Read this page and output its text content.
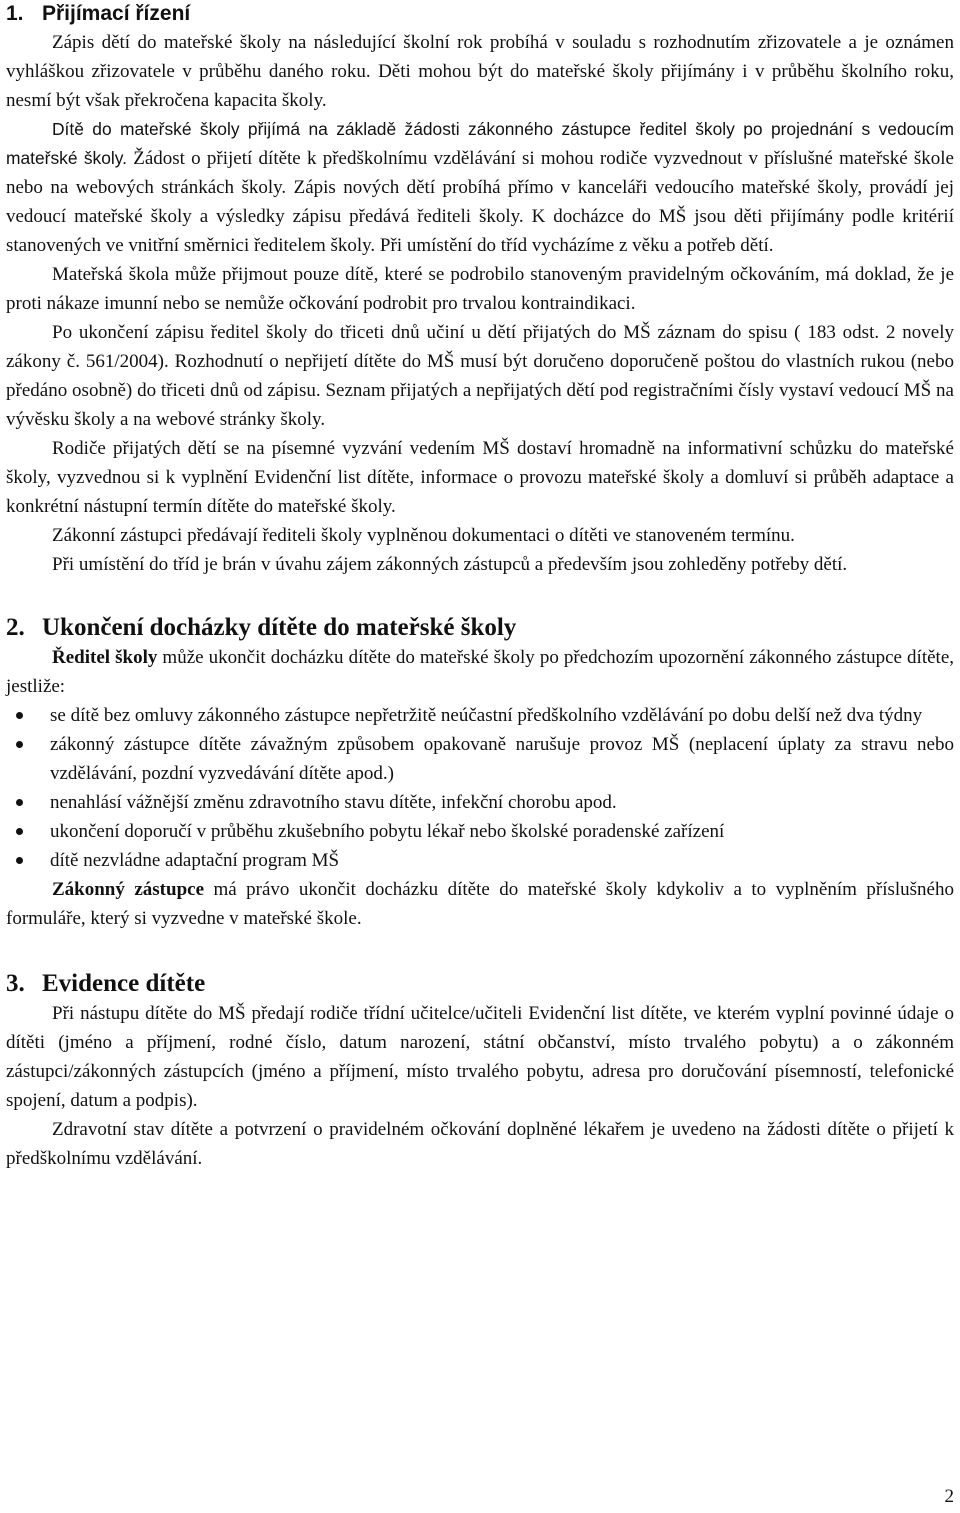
1. Přijímací řízení

Zápis dětí do mateřské školy na následující školní rok probíhá v souladu s rozhodnutím zřizovatele a je oznámen vyhláškou zřizovatele v průběhu daného roku. Děti mohou být do mateřské školy přijímány i v průběhu školního roku, nesmí být však překročena kapacita školy.

Dítě do mateřské školy přijímá na základě žádosti zákonného zástupce ředitel školy po projednání s vedoucím mateřské školy. Žádost o přijetí dítěte k předškolnímu vzdělávání si mohou rodiče vyzvednout v příslušné mateřské škole nebo na webových stránkách školy. Zápis nových dětí probíhá přímo v kanceláři vedoucího mateřské školy, provádí jej vedoucí mateřské školy a výsledky zápisu předává řediteli školy. K docházce do MŠ jsou děti přijímány podle kritérií stanovených ve vnitřní směrnici ředitelem školy. Při umístění do tříd vycházíme z věku a potřeb dětí.

Mateřská škola může přijmout pouze dítě, které se podrobilo stanoveným pravidelným očkováním, má doklad, že je proti nákaze imunní nebo se nemůže očkování podrobit pro trvalou kontraindikaci.

Po ukončení zápisu ředitel školy do třiceti dnů učiní u dětí přijatých do MŠ záznam do spisu ( 183 odst. 2 novely zákony č. 561/2004). Rozhodnutí o nepřijetí dítěte do MŠ musí být doručeno doporučeně poštou do vlastních rukou (nebo předáno osobně) do třiceti dnů od zápisu. Seznam přijatých a nepřijatých dětí pod registračními čísly vystaví vedoucí MŠ na vývěsku školy a na webové stránky školy.

Rodiče přijatých dětí se na písemné vyzvání vedením MŠ dostaví hromadně na informativní schůzku do mateřské školy, vyzvednou si k vyplnění Evidenční list dítěte, informace o provozu mateřské školy a domluví si průběh adaptace a konkrétní nástupní termín dítěte do mateřské školy.

Zákonní zástupci předávají řediteli školy vyplněnou dokumentaci o dítěti ve stanoveném termínu.

Při umístění do tříd je brán v úvahu zájem zákonných zástupců a především jsou zohleděny potřeby dětí.

2. Ukončení docházky dítěte do mateřské školy

Ředitel školy může ukončit docházku dítěte do mateřské školy po předchozím upozornění zákonného zástupce dítěte, jestliže:

se dítě bez omluvy zákonného zástupce nepřetržitě neúčastní předškolního vzdělávání po dobu delší než dva týdny
zákonný zástupce dítěte závažným způsobem opakovaně narušuje provoz MŠ (neplacení úplaty za stravu nebo vzdělávání, pozdní vyzvedávání dítěte apod.)
nenahlásí vážnější změnu zdravotního stavu dítěte, infekční chorobu apod.
ukončení doporučí v průběhu zkušebního pobytu lékař nebo školské poradenské zařízení
dítě nezvládne adaptační program MŠ

Zákonný zástupce má právo ukončit docházku dítěte do mateřské školy kdykoliv a to vyplněním příslušného formuláře, který si vyzvedne v mateřské škole.

3. Evidence dítěte

Při nástupu dítěte do MŠ předají rodiče třídní učitelce/učiteli Evidenční list dítěte, ve kterém vyplní povinné údaje o dítěti (jméno a příjmení, rodné číslo, datum narození, státní občanství, místo trvalého pobytu) a o zákonném zástupci/zákonných zástupcích (jméno a příjmení, místo trvalého pobytu, adresa pro doručování písemností, telefonické spojení, datum a podpis).

Zdravotní stav dítěte a potvrzení o pravidelném očkování doplněné lékařem je uvedeno na žádosti dítěte o přijetí k předškolnímu vzdělávání.

2
